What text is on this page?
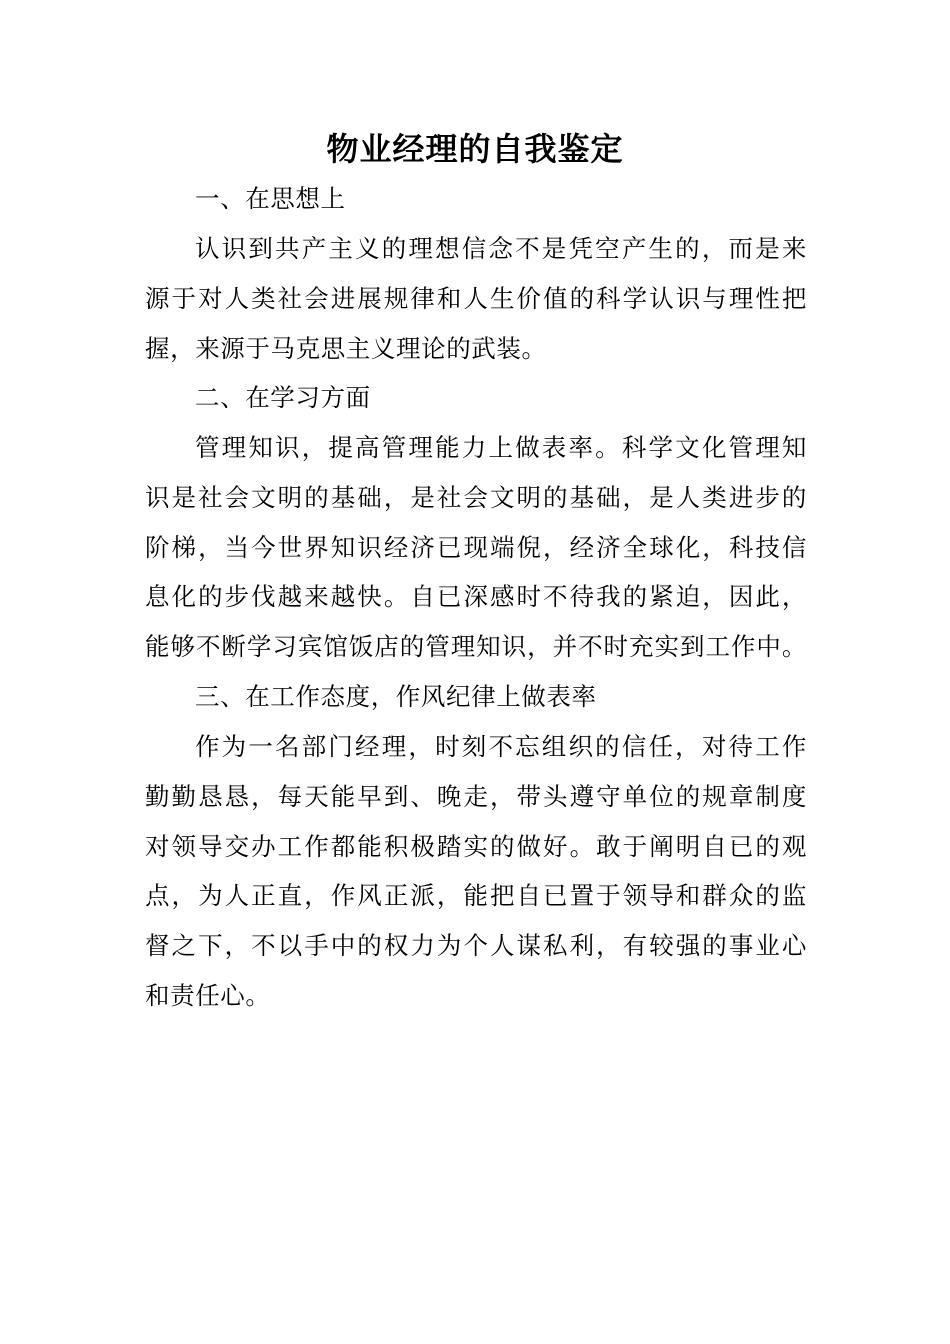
物业经理的自我鉴定
一、在思想上
认识到共产主义的理想信念不是凭空产生的，而是来
源于对人类社会进展规律和人生价值的科学认识与理性把
握，来源于马克思主义理论的武装。
二、在学习方面
管理知识，提高管理能力上做表率。科学文化管理知
识是社会文明的基础，是社会文明的基础，是人类进步的
阶梯，当今世界知识经济已现端倪，经济全球化，科技信
息化的步伐越来越快。自已深感时不待我的紧迫，因此，
能够不断学习宾馆饭店的管理知识，并不时充实到工作中。
三、在工作态度，作风纪律上做表率
作为一名部门经理，时刻不忘组织的信任，对待工作
勤勤恳恳，每天能早到、晚走，带头遵守单位的规章制度
对领导交办工作都能积极踏实的做好。敢于阐明自已的观
点，为人正直，作风正派，能把自已置于领导和群众的监
督之下，不以手中的权力为个人谋私利，有较强的事业心
和责任心。
